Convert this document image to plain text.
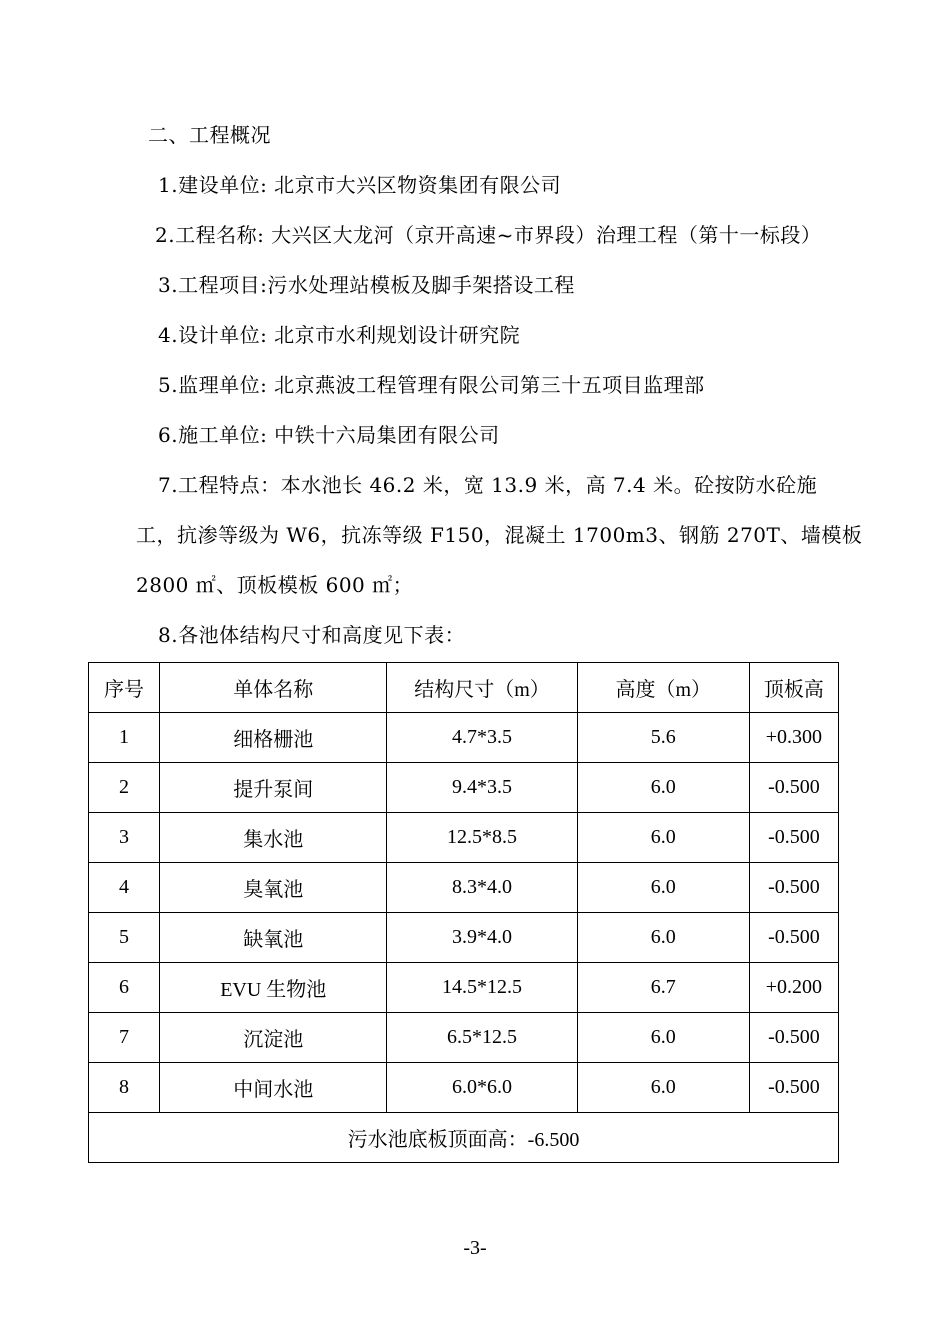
二、工程概况
1.建设单位: 北京市大兴区物资集团有限公司
2.工程名称: 大兴区大龙河（京开高速~市界段）治理工程（第十一标段）
3.工程项目:污水处理站模板及脚手架搭设工程
4.设计单位: 北京市水利规划设计研究院
5.监理单位: 北京燕波工程管理有限公司第三十五项目监理部
6.施工单位: 中铁十六局集团有限公司
7.工程特点：本水池长 46.2 米，宽 13.9 米，高 7.4 米。砼按防水砼施
工，抗渗等级为 W6，抗冻等级 F150，混凝土 1700m3、钢筋 270T、墙模板
2800 ㎡、顶板模板 600 ㎡；
8.各池体结构尺寸和高度见下表：
序号	单体名称	结构尺寸（m）	高度（m）	顶板高
1	细格栅池	4.7*3.5	5.6	+0.300
2	提升泵间	9.4*3.5	6.0	-0.500
3	集水池	12.5*8.5	6.0	-0.500
4	臭氧池	8.3*4.0	6.0	-0.500
5	缺氧池	3.9*4.0	6.0	-0.500
6	EVU 生物池	14.5*12.5	6.7	+0.200
7	沉淀池	6.5*12.5	6.0	-0.500
8	中间水池	6.0*6.0	6.0	-0.500
污水池底板顶面高：-6.500				
-3-
